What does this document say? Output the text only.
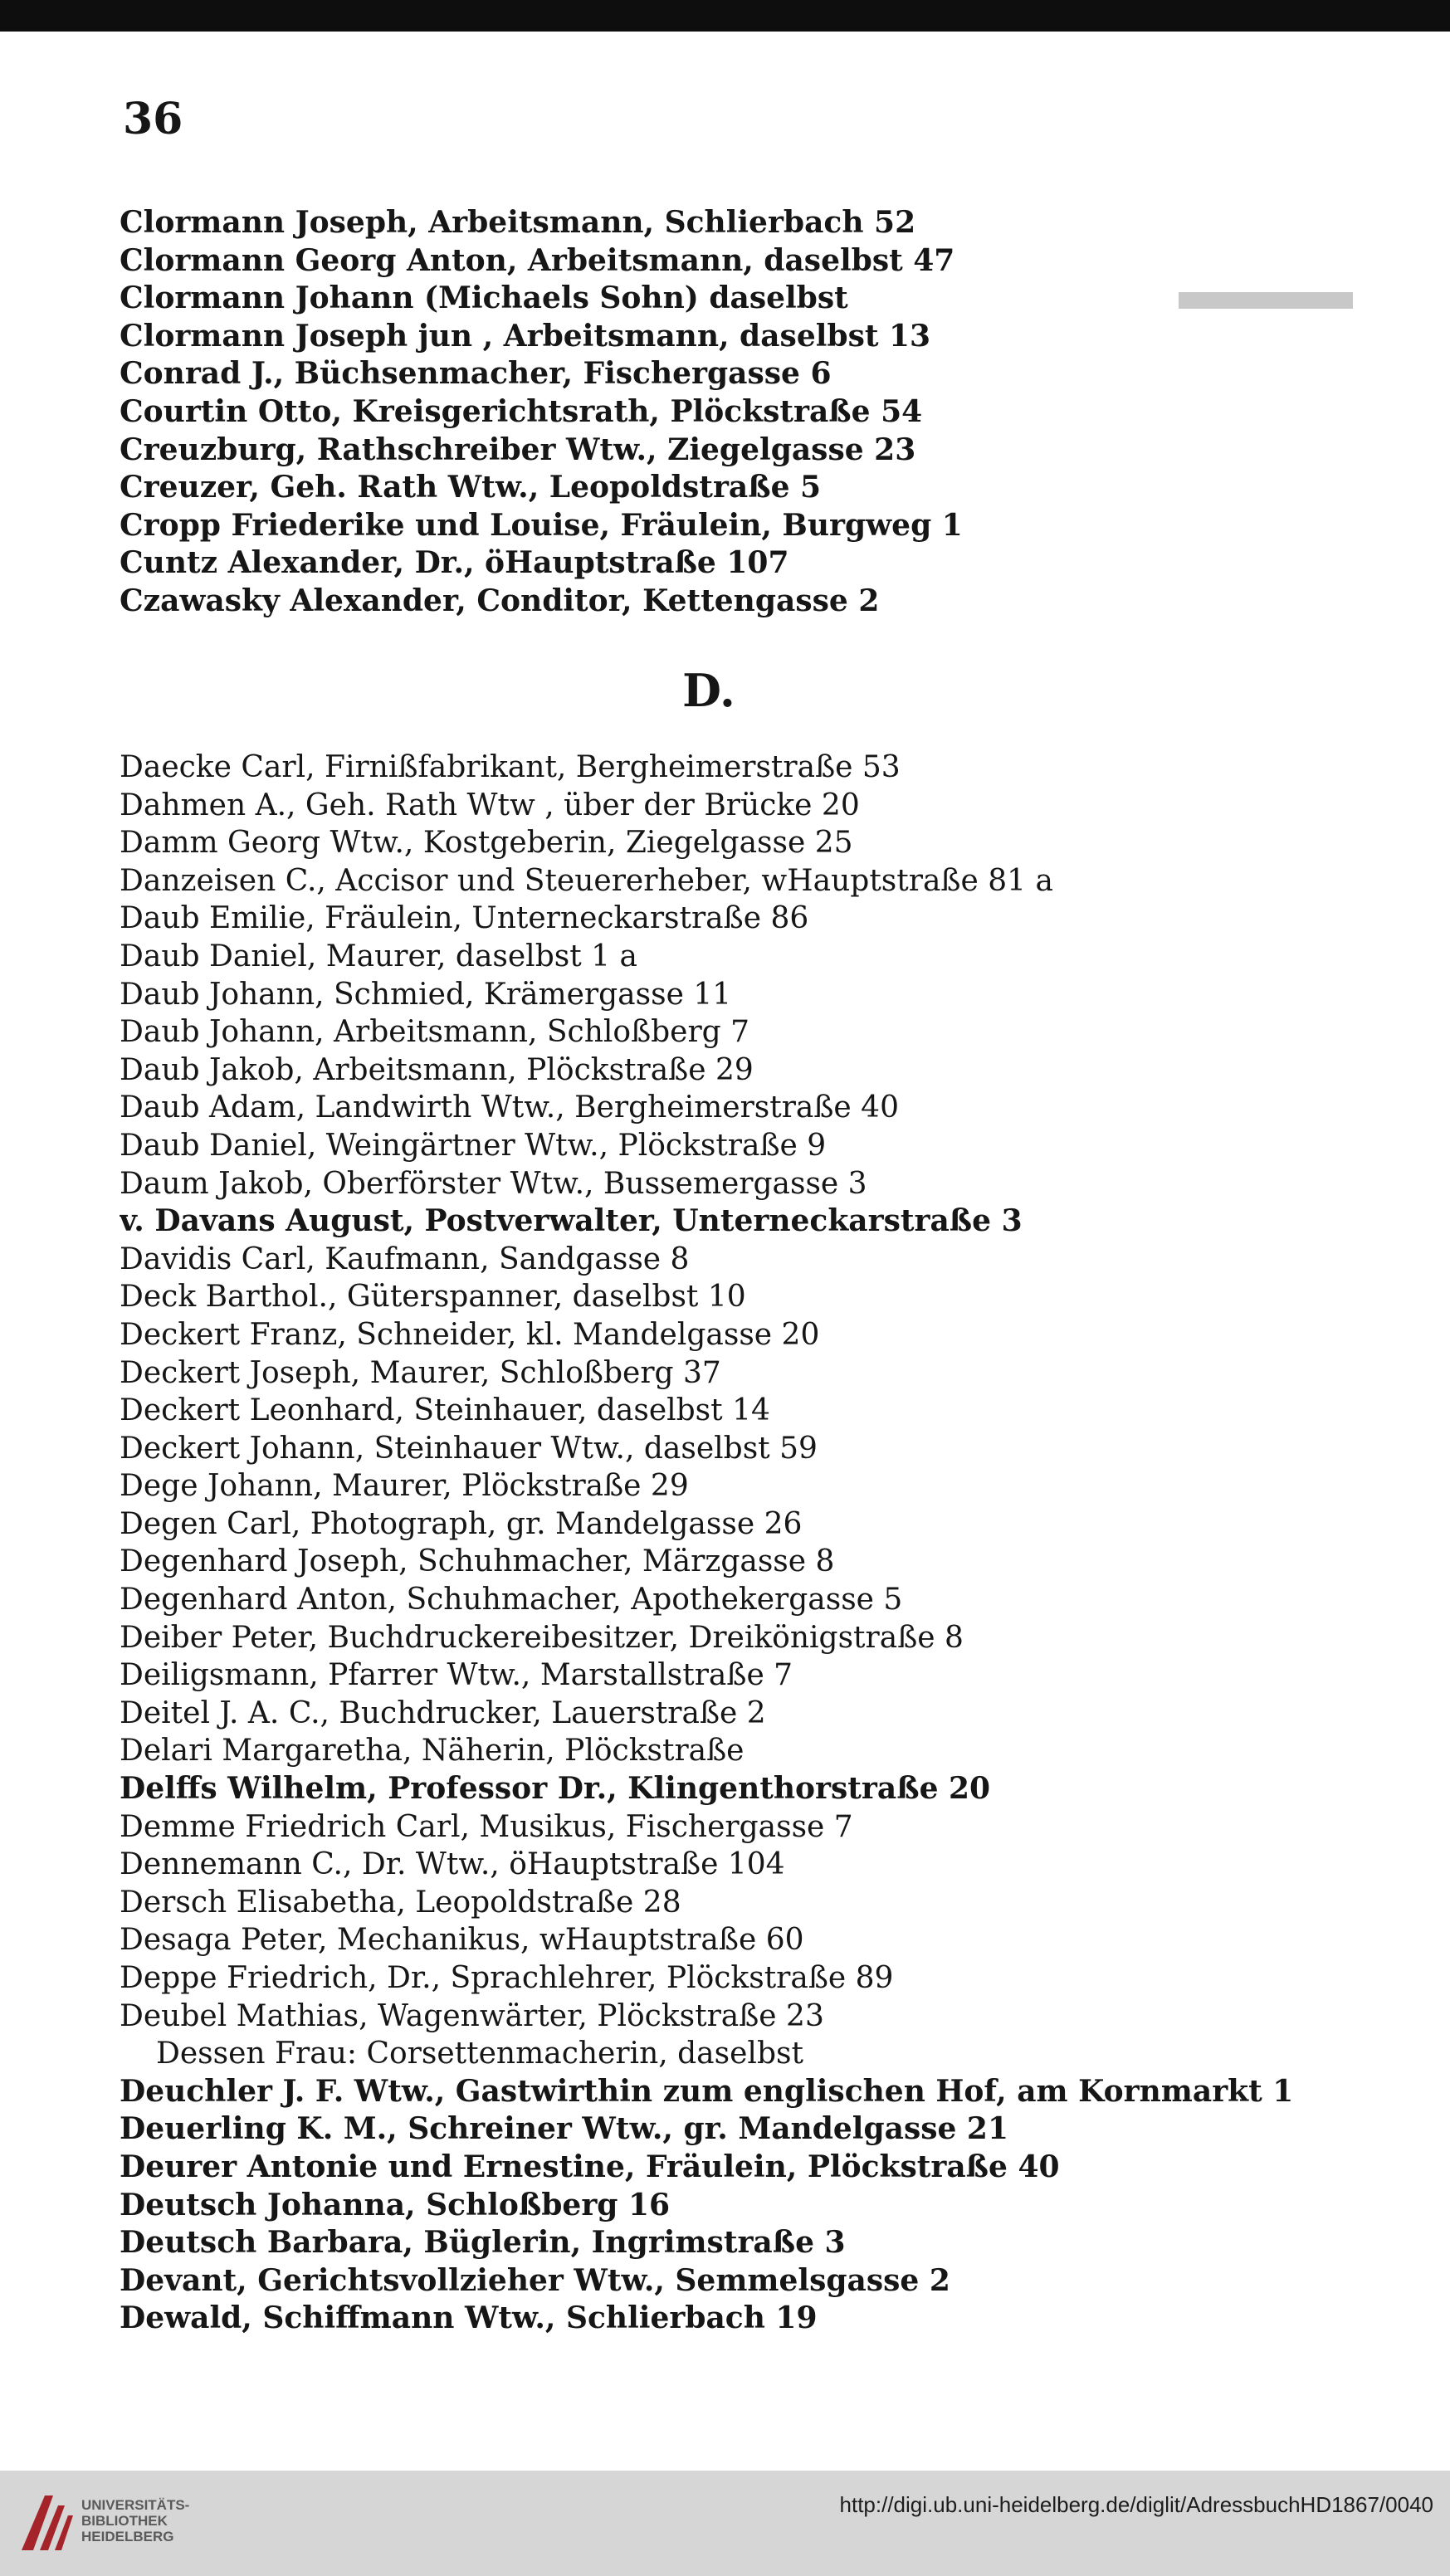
36
Clormann Joseph, Arbeitsmann, Schlierbach 52
Clormann Georg Anton, Arbeitsmann, daselbst 47
Clormann Johann (Michaels Sohn) daselbst
Clormann Joseph jun , Arbeitsmann, daselbst 13
Conrad J., Büchsenmacher, Fischergasse 6
Courtin Otto, Kreisgerichtsrath, Plöckstraße 54
Creuzburg, Rathschreiber Wtw., Ziegelgasse 23
Creuzer, Geh. Rath Wtw., Leopoldstraße 5
Cropp Friederike und Louise, Fräulein, Burgweg 1
Cuntz Alexander, Dr., öHauptstraße 107
Czawasky Alexander, Conditor, Kettengasse 2
D.
Daecke Carl, Firnißfabrikant, Bergheimerstraße 53
Dahmen A., Geh. Rath Wtw , über der Brücke 20
Damm Georg Wtw., Kostgeberin, Ziegelgasse 25
Danzeisen C., Accisor und Steuererheber, wHauptstraße 81 a
Daub Emilie, Fräulein, Unterneckarstraße 86
Daub Daniel, Maurer, daselbst 1 a
Daub Johann, Schmied, Krämergasse 11
Daub Johann, Arbeitsmann, Schloßberg 7
Daub Jakob, Arbeitsmann, Plöckstraße 29
Daub Adam, Landwirth Wtw., Bergheimerstraße 40
Daub Daniel, Weingärtner Wtw., Plöckstraße 9
Daum Jakob, Oberförster Wtw., Bussemergasse 3
v. Davans August, Postverwalter, Unterneckarstraße 3
Davidis Carl, Kaufmann, Sandgasse 8
Deck Barthol., Güterspanner, daselbst 10
Deckert Franz, Schneider, kl. Mandelgasse 20
Deckert Joseph, Maurer, Schloßberg 37
Deckert Leonhard, Steinhauer, daselbst 14
Deckert Johann, Steinhauer Wtw., daselbst 59
Dege Johann, Maurer, Plöckstraße 29
Degen Carl, Photograph, gr. Mandelgasse 26
Degenhard Joseph, Schuhmacher, Märzgasse 8
Degenhard Anton, Schuhmacher, Apothekergasse 5
Deiber Peter, Buchdruckereibesitzer, Dreikönigstraße 8
Deiligsmann, Pfarrer Wtw., Marstallstraße 7
Deitel J. A. C., Buchdrucker, Lauerstraße 2
Delari Margaretha, Näherin, Plöckstraße
Delffs Wilhelm, Professor Dr., Klingenthorstraße 20
Demme Friedrich Carl, Musikus, Fischergasse 7
Dennemann C., Dr. Wtw., öHauptstraße 104
Dersch Elisabetha, Leopoldstraße 28
Desaga Peter, Mechanikus, wHauptstraße 60
Deppe Friedrich, Dr., Sprachlehrer, Plöckstraße 89
Deubel Mathias, Wagenwärter, Plöckstraße 23
Dessen Frau: Corsettenmacherin, daselbst
Deuchler J. F. Wtw., Gastwirthin zum englischen Hof, am Kornmarkt 1
Deuerling K. M., Schreiner Wtw., gr. Mandelgasse 21
Deurer Antonie und Ernestine, Fräulein, Plöckstraße 40
Deutsch Johanna, Schloßberg 16
Deutsch Barbara, Büglerin, Ingrimstraße 3
Devant, Gerichtsvollzieher Wtw., Semmelsgasse 2
Dewald, Schiffmann Wtw., Schlierbach 19
UNIVERSITÄTS-
BIBLIOTHEK
HEIDELBERG
http://digi.ub.uni-heidelberg.de/diglit/AdressbuchHD1867/0040
